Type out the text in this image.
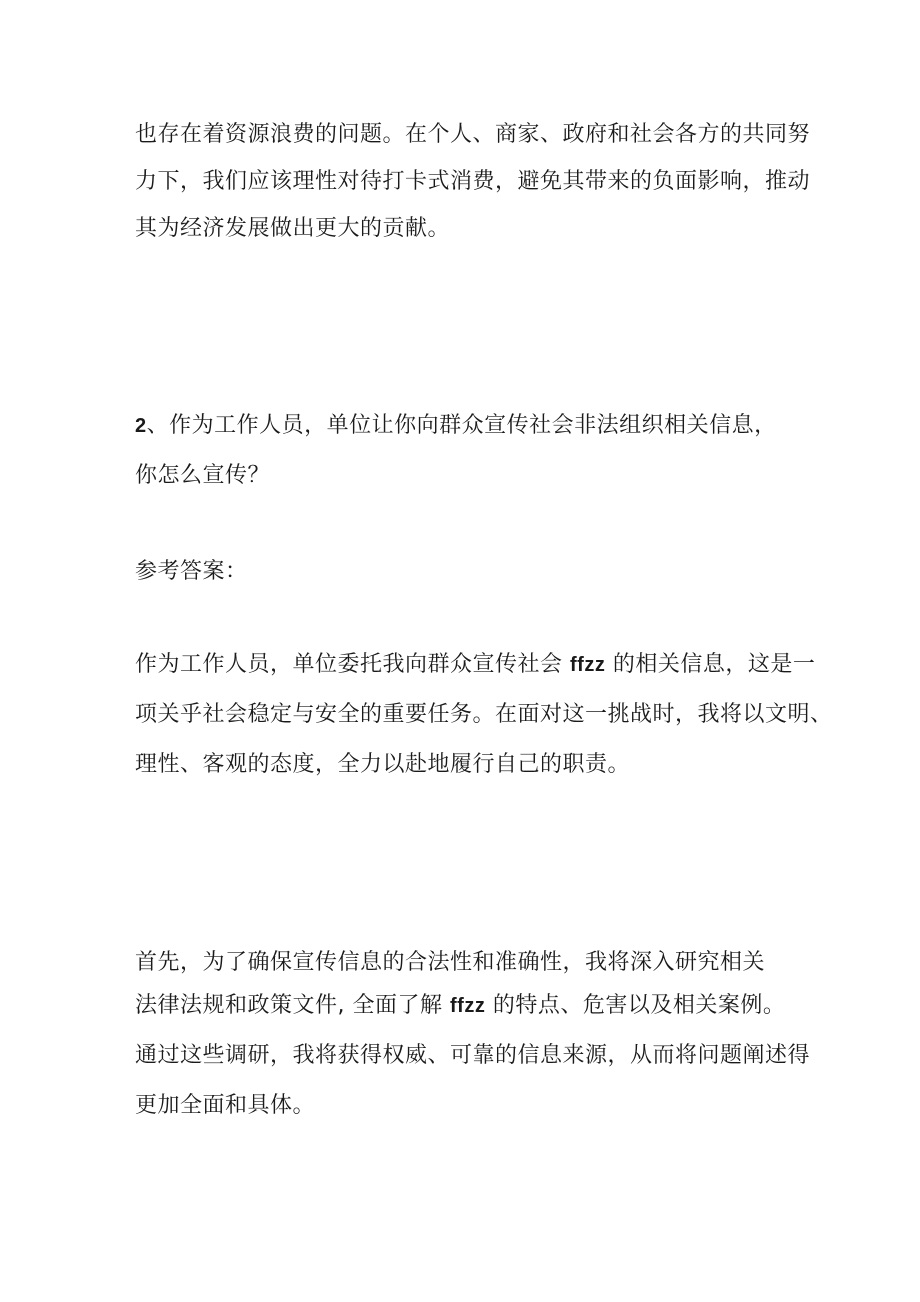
也存在着资源浪费的问题。在个人、商家、政府和社会各方的共同努
力下，我们应该理性对待打卡式消费，避免其带来的负面影响，推动
其为经济发展做出更大的贡献。
2、作为工作人员，单位让你向群众宣传社会非法组织相关信息，
你怎么宣传？
参考答案：
作为工作人员，单位委托我向群众宣传社会 ffzz 的相关信息，这是一
项关乎社会稳定与安全的重要任务。在面对这一挑战时，我将以文明、
理性、客观的态度，全力以赴地履行自己的职责。
首先，为了确保宣传信息的合法性和准确性，我将深入研究相关
法律法规和政策文件, 全面了解 ffzz 的特点、危害以及相关案例。
通过这些调研，我将获得权威、可靠的信息来源，从而将问题阐述得
更加全面和具体。
